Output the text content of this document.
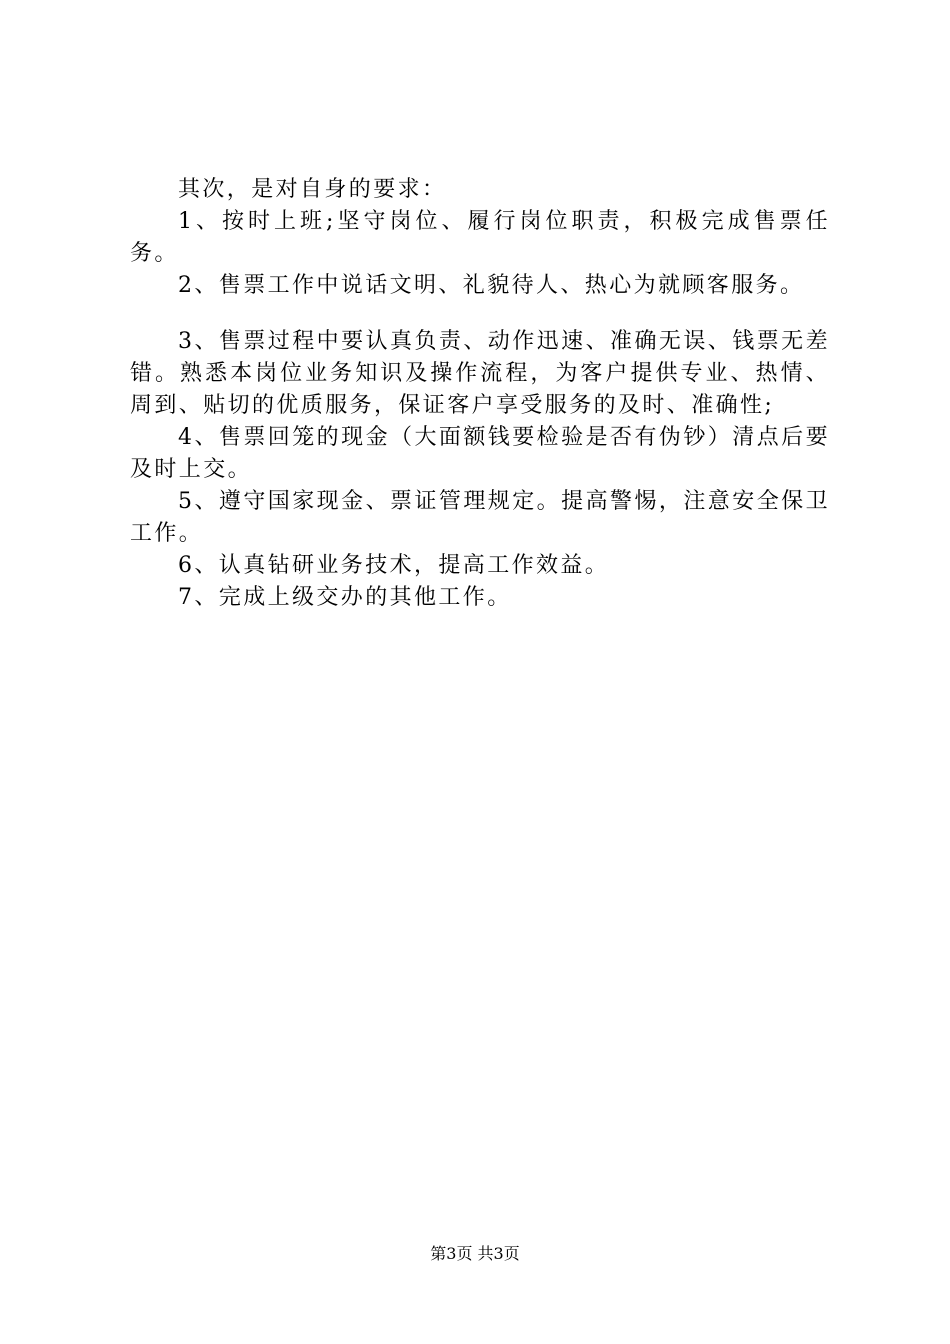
其次，是对自身的要求：

1、按时上班;坚守岗位、履行岗位职责，积极完成售票任务。

2、售票工作中说话文明、礼貌待人、热心为就顾客服务。

3、售票过程中要认真负责、动作迅速、准确无误、钱票无差错。熟悉本岗位业务知识及操作流程，为客户提供专业、热情、周到、贴切的优质服务，保证客户享受服务的及时、准确性;

4、售票回笼的现金（大面额钱要检验是否有伪钞）清点后要及时上交。

5、遵守国家现金、票证管理规定。提高警惕，注意安全保卫工作。

6、认真钻研业务技术，提高工作效益。

7、完成上级交办的其他工作。

第3页 共3页
